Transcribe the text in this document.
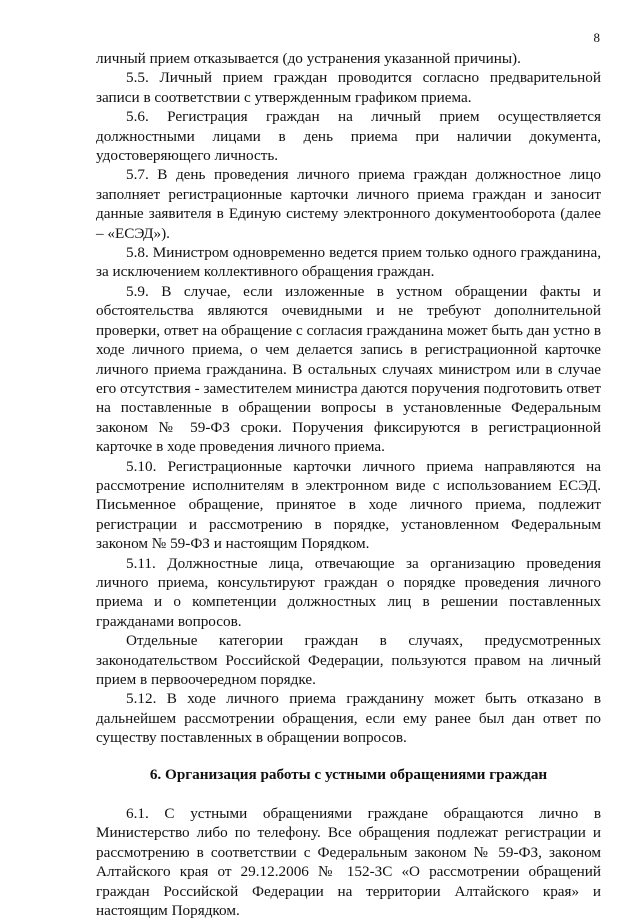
8

личный прием отказывается (до устранения указанной причины).

5.5. Личный прием граждан проводится согласно предварительной записи в соответствии с утвержденным графиком приема.

5.6. Регистрация граждан на личный прием осуществляется должностными лицами в день приема при наличии документа, удостоверяющего личность.

5.7. В день проведения личного приема граждан должностное лицо заполняет регистрационные карточки личного приема граждан и заносит данные заявителя в Единую систему электронного документооборота (далее – «ЕСЭД»).

5.8. Министром одновременно ведется прием только одного гражданина, за исключением коллективного обращения граждан.

5.9. В случае, если изложенные в устном обращении факты и обстоятельства являются очевидными и не требуют дополнительной проверки, ответ на обращение с согласия гражданина может быть дан устно в ходе личного приема, о чем делается запись в регистрационной карточке личного приема гражданина. В остальных случаях министром или в случае его отсутствия - заместителем министра даются поручения подготовить ответ на поставленные в обращении вопросы в установленные Федеральным законом № 59-ФЗ сроки. Поручения фиксируются в регистрационной карточке в ходе проведения личного приема.

5.10. Регистрационные карточки личного приема направляются на рассмотрение исполнителям в электронном виде с использованием ЕСЭД. Письменное обращение, принятое в ходе личного приема, подлежит регистрации и рассмотрению в порядке, установленном Федеральным законом № 59-ФЗ и настоящим Порядком.

5.11. Должностные лица, отвечающие за организацию проведения личного приема, консультируют граждан о порядке проведения личного приема и о компетенции должностных лиц в решении поставленных гражданами вопросов.

Отдельные категории граждан в случаях, предусмотренных законодательством Российской Федерации, пользуются правом на личный прием в первоочередном порядке.

5.12. В ходе личного приема гражданину может быть отказано в дальнейшем рассмотрении обращения, если ему ранее был дан ответ по существу поставленных в обращении вопросов.

6. Организация работы с устными обращениями граждан

6.1. С устными обращениями граждане обращаются лично в Министерство либо по телефону. Все обращения подлежат регистрации и рассмотрению в соответствии с Федеральным законом № 59-ФЗ, законом Алтайского края от 29.12.2006 № 152-ЗС «О рассмотрении обращений граждан Российской Федерации на территории Алтайского края» и настоящим Порядком.
